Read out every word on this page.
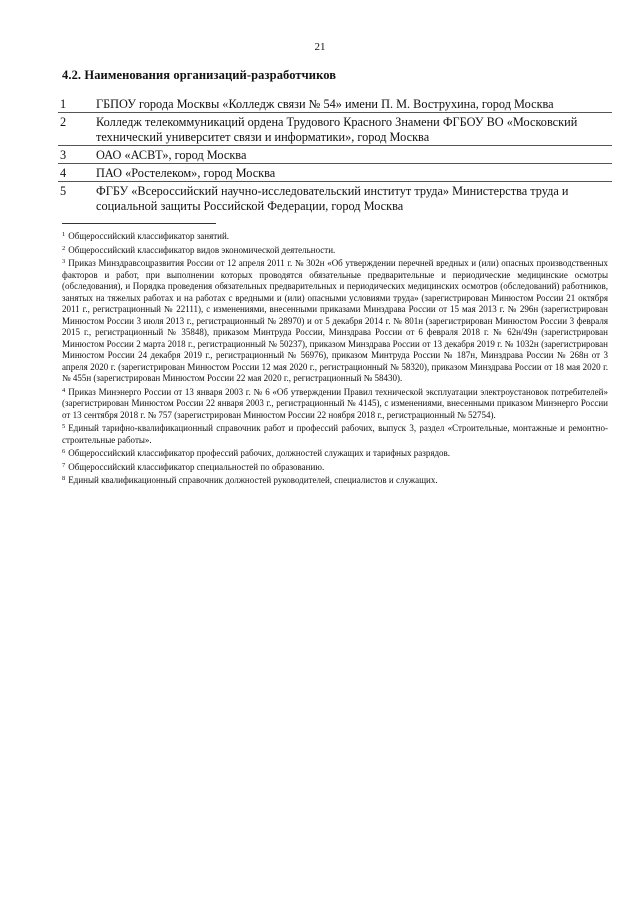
21
4.2. Наименования организаций-разработчиков
1	ГБПОУ города Москвы «Колледж связи № 54» имени П. М. Вострухина, город Москва
2	Колледж телекоммуникаций ордена Трудового Красного Знамени ФГБОУ ВО «Московский технический университет связи и информатики», город Москва
3	ОАО «АСВТ», город Москва
4	ПАО «Ростелеком», город Москва
5	ФГБУ «Всероссийский научно-исследовательский институт труда» Министерства труда и социальной защиты Российской Федерации, город Москва

$^1$ Общероссийский классификатор занятий.

$^2$ Общероссийский классификатор видов экономической деятельности.

$^3$ Приказ Минздравсоцразвития России от 12 апреля 2011 г. № 302н «Об утверждении перечней вредных и (или) опасных производственных факторов и работ, при выполнении которых проводятся обязательные предварительные и периодические медицинские осмотры (обследования), и Порядка проведения обязательных предварительных и периодических медицинских осмотров (обследований) работников, занятых на тяжелых работах и на работах с вредными и (или) опасными условиями труда» (зарегистрирован Минюстом России 21 октября 2011 г., регистрационный № 22111), с изменениями, внесенными приказами Минздрава России от 15 мая 2013 г. № 296н (зарегистрирован Минюстом России 3 июля 2013 г., регистрационный № 28970) и от 5 декабря 2014 г. № 801н (зарегистрирован Минюстом России 3 февраля 2015 г., регистрационный № 35848), приказом Минтруда России, Минздрава России от 6 февраля 2018 г. № 62н/49н (зарегистрирован Минюстом России 2 марта 2018 г., регистрационный № 50237), приказом Минздрава России от 13 декабря 2019 г. № 1032н (зарегистрирован Минюстом России 24 декабря 2019 г., регистрационный № 56976), приказом Минтруда России № 187н, Минздрава России № 268н от 3 апреля 2020 г. (зарегистрирован Минюстом России 12 мая 2020 г., регистрационный № 58320), приказом Минздрава России от 18 мая 2020 г. № 455н (зарегистрирован Минюстом России 22 мая 2020 г., регистрационный № 58430).

$^4$ Приказ Минэнерго России от 13 января 2003 г. № 6 «Об утверждении Правил технической эксплуатации электроустановок потребителей» (зарегистрирован Минюстом России 22 января 2003 г., регистрационный № 4145), с изменениями, внесенными приказом Минэнерго России от 13 сентября 2018 г. № 757 (зарегистрирован Минюстом России 22 ноября 2018 г., регистрационный № 52754).

$^5$ Единый тарифно-квалификационный справочник работ и профессий рабочих, выпуск 3, раздел «Строительные, монтажные и ремонтно-строительные работы».

$^6$ Общероссийский классификатор профессий рабочих, должностей служащих и тарифных разрядов.

$^7$ Общероссийский классификатор специальностей по образованию.

$^8$ Единый квалификационный справочник должностей руководителей, специалистов и служащих.
